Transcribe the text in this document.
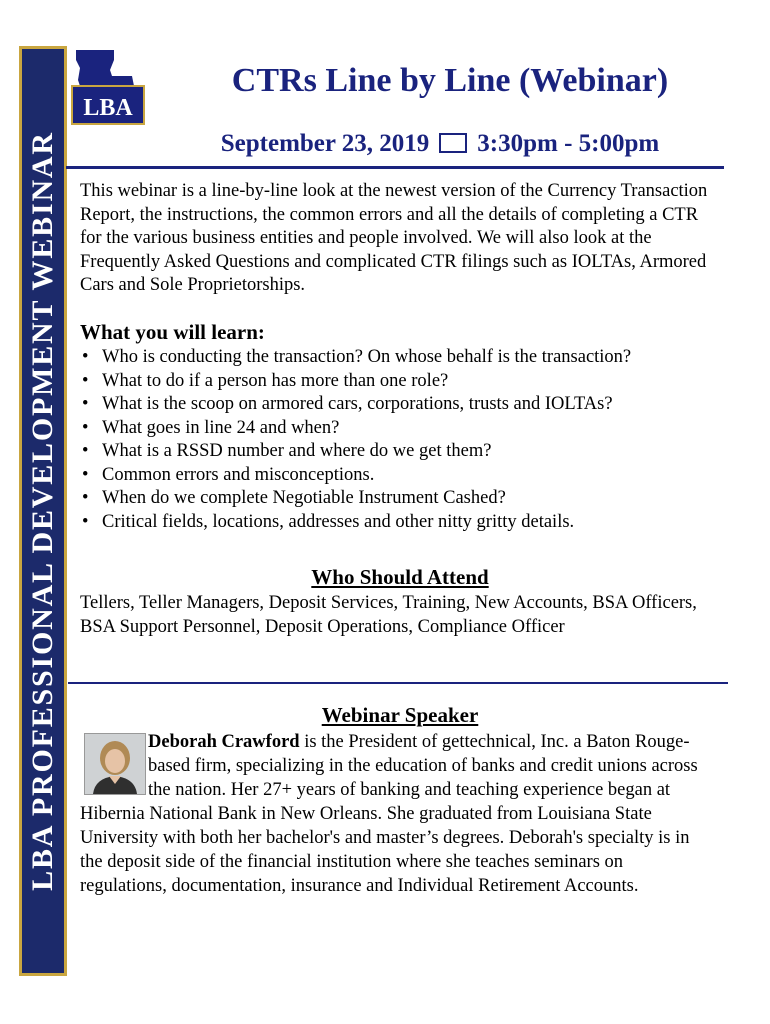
LBA PROFESSIONAL DEVELOPMENT WEBINAR
LBA
CTRs Line by Line (Webinar)
September 23, 2019 3:30pm - 5:00pm
This webinar is a line-by-line look at the newest version of the Currency Transaction Report, the instructions, the common errors and all the details of completing a CTR for the various business entities and people involved. We will also look at the Frequently Asked Questions and complicated CTR filings such as IOLTAs, Armored Cars and Sole Proprietorships.
What you will learn:
• Who is conducting the transaction? On whose behalf is the transaction?
• What to do if a person has more than one role?
• What is the scoop on armored cars, corporations, trusts and IOLTAs?
• What goes in line 24 and when?
• What is a RSSD number and where do we get them?
• Common errors and misconceptions.
• When do we complete Negotiable Instrument Cashed?
• Critical fields, locations, addresses and other nitty gritty details.
Who Should Attend
Tellers, Teller Managers, Deposit Services, Training, New Accounts, BSA Officers, BSA Support Personnel, Deposit Operations, Compliance Officer
Webinar Speaker
Deborah Crawford is the President of gettechnical, Inc. a Baton Rouge-based firm, specializing in the education of banks and credit unions across the nation. Her 27+ years of banking and teaching experience began at Hibernia National Bank in New Orleans. She graduated from Louisiana State University with both her bachelor's and master’s degrees. Deborah's specialty is in the deposit side of the financial institution where she teaches seminars on regulations, documentation, insurance and Individual Retirement Accounts.
